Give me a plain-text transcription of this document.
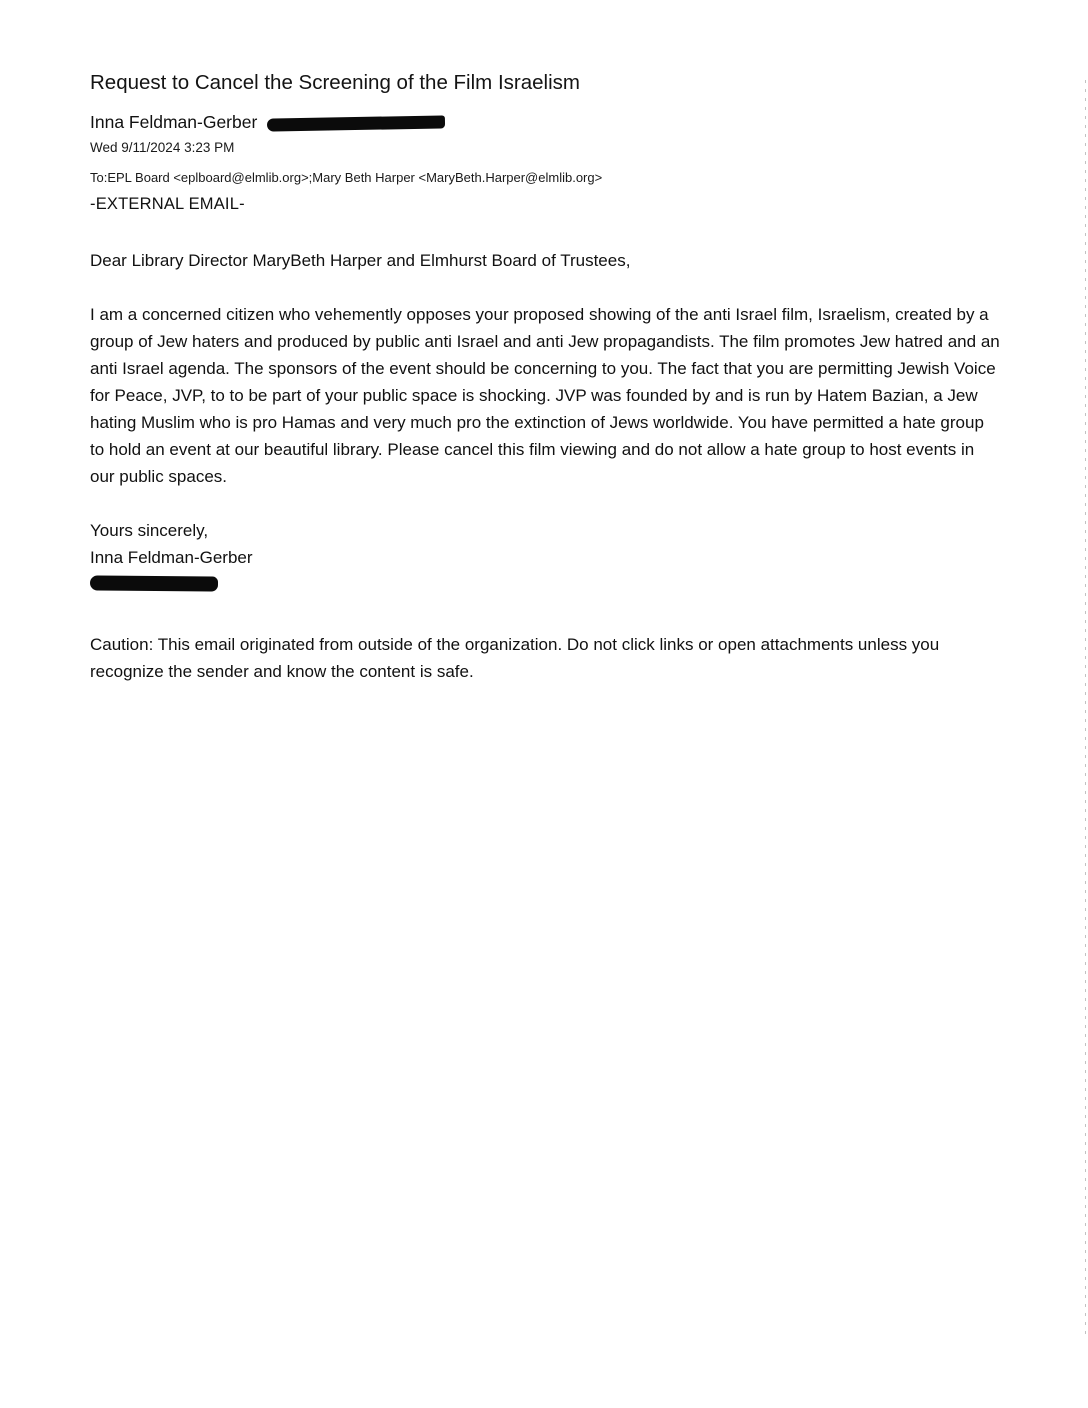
Request to Cancel the Screening of the Film Israelism
Inna Feldman-Gerber
Wed 9/11/2024 3:23 PM
To:EPL Board <eplboard@elmlib.org>;Mary Beth Harper <MaryBeth.Harper@elmlib.org>
-EXTERNAL EMAIL-

Dear Library Director MaryBeth Harper and Elmhurst Board of Trustees,

I am a concerned citizen who vehemently opposes your proposed showing of the anti Israel film, Israelism, created by a group of Jew haters and produced by public anti Israel and anti Jew propagandists. The film promotes Jew hatred and an anti Israel agenda. The sponsors of the event should be concerning to you. The fact that you are permitting Jewish Voice for Peace, JVP, to to be part of your public space is shocking. JVP was founded by and is run by Hatem Bazian, a Jew hating Muslim who is pro Hamas and very much pro the extinction of Jews worldwide. You have permitted a hate group to hold an event at our beautiful library. Please cancel this film viewing and do not allow a hate group to host events in our public spaces.

Yours sincerely,
Inna Feldman-Gerber
Caution: This email originated from outside of the organization. Do not click links or open attachments unless you recognize the sender and know the content is safe.
